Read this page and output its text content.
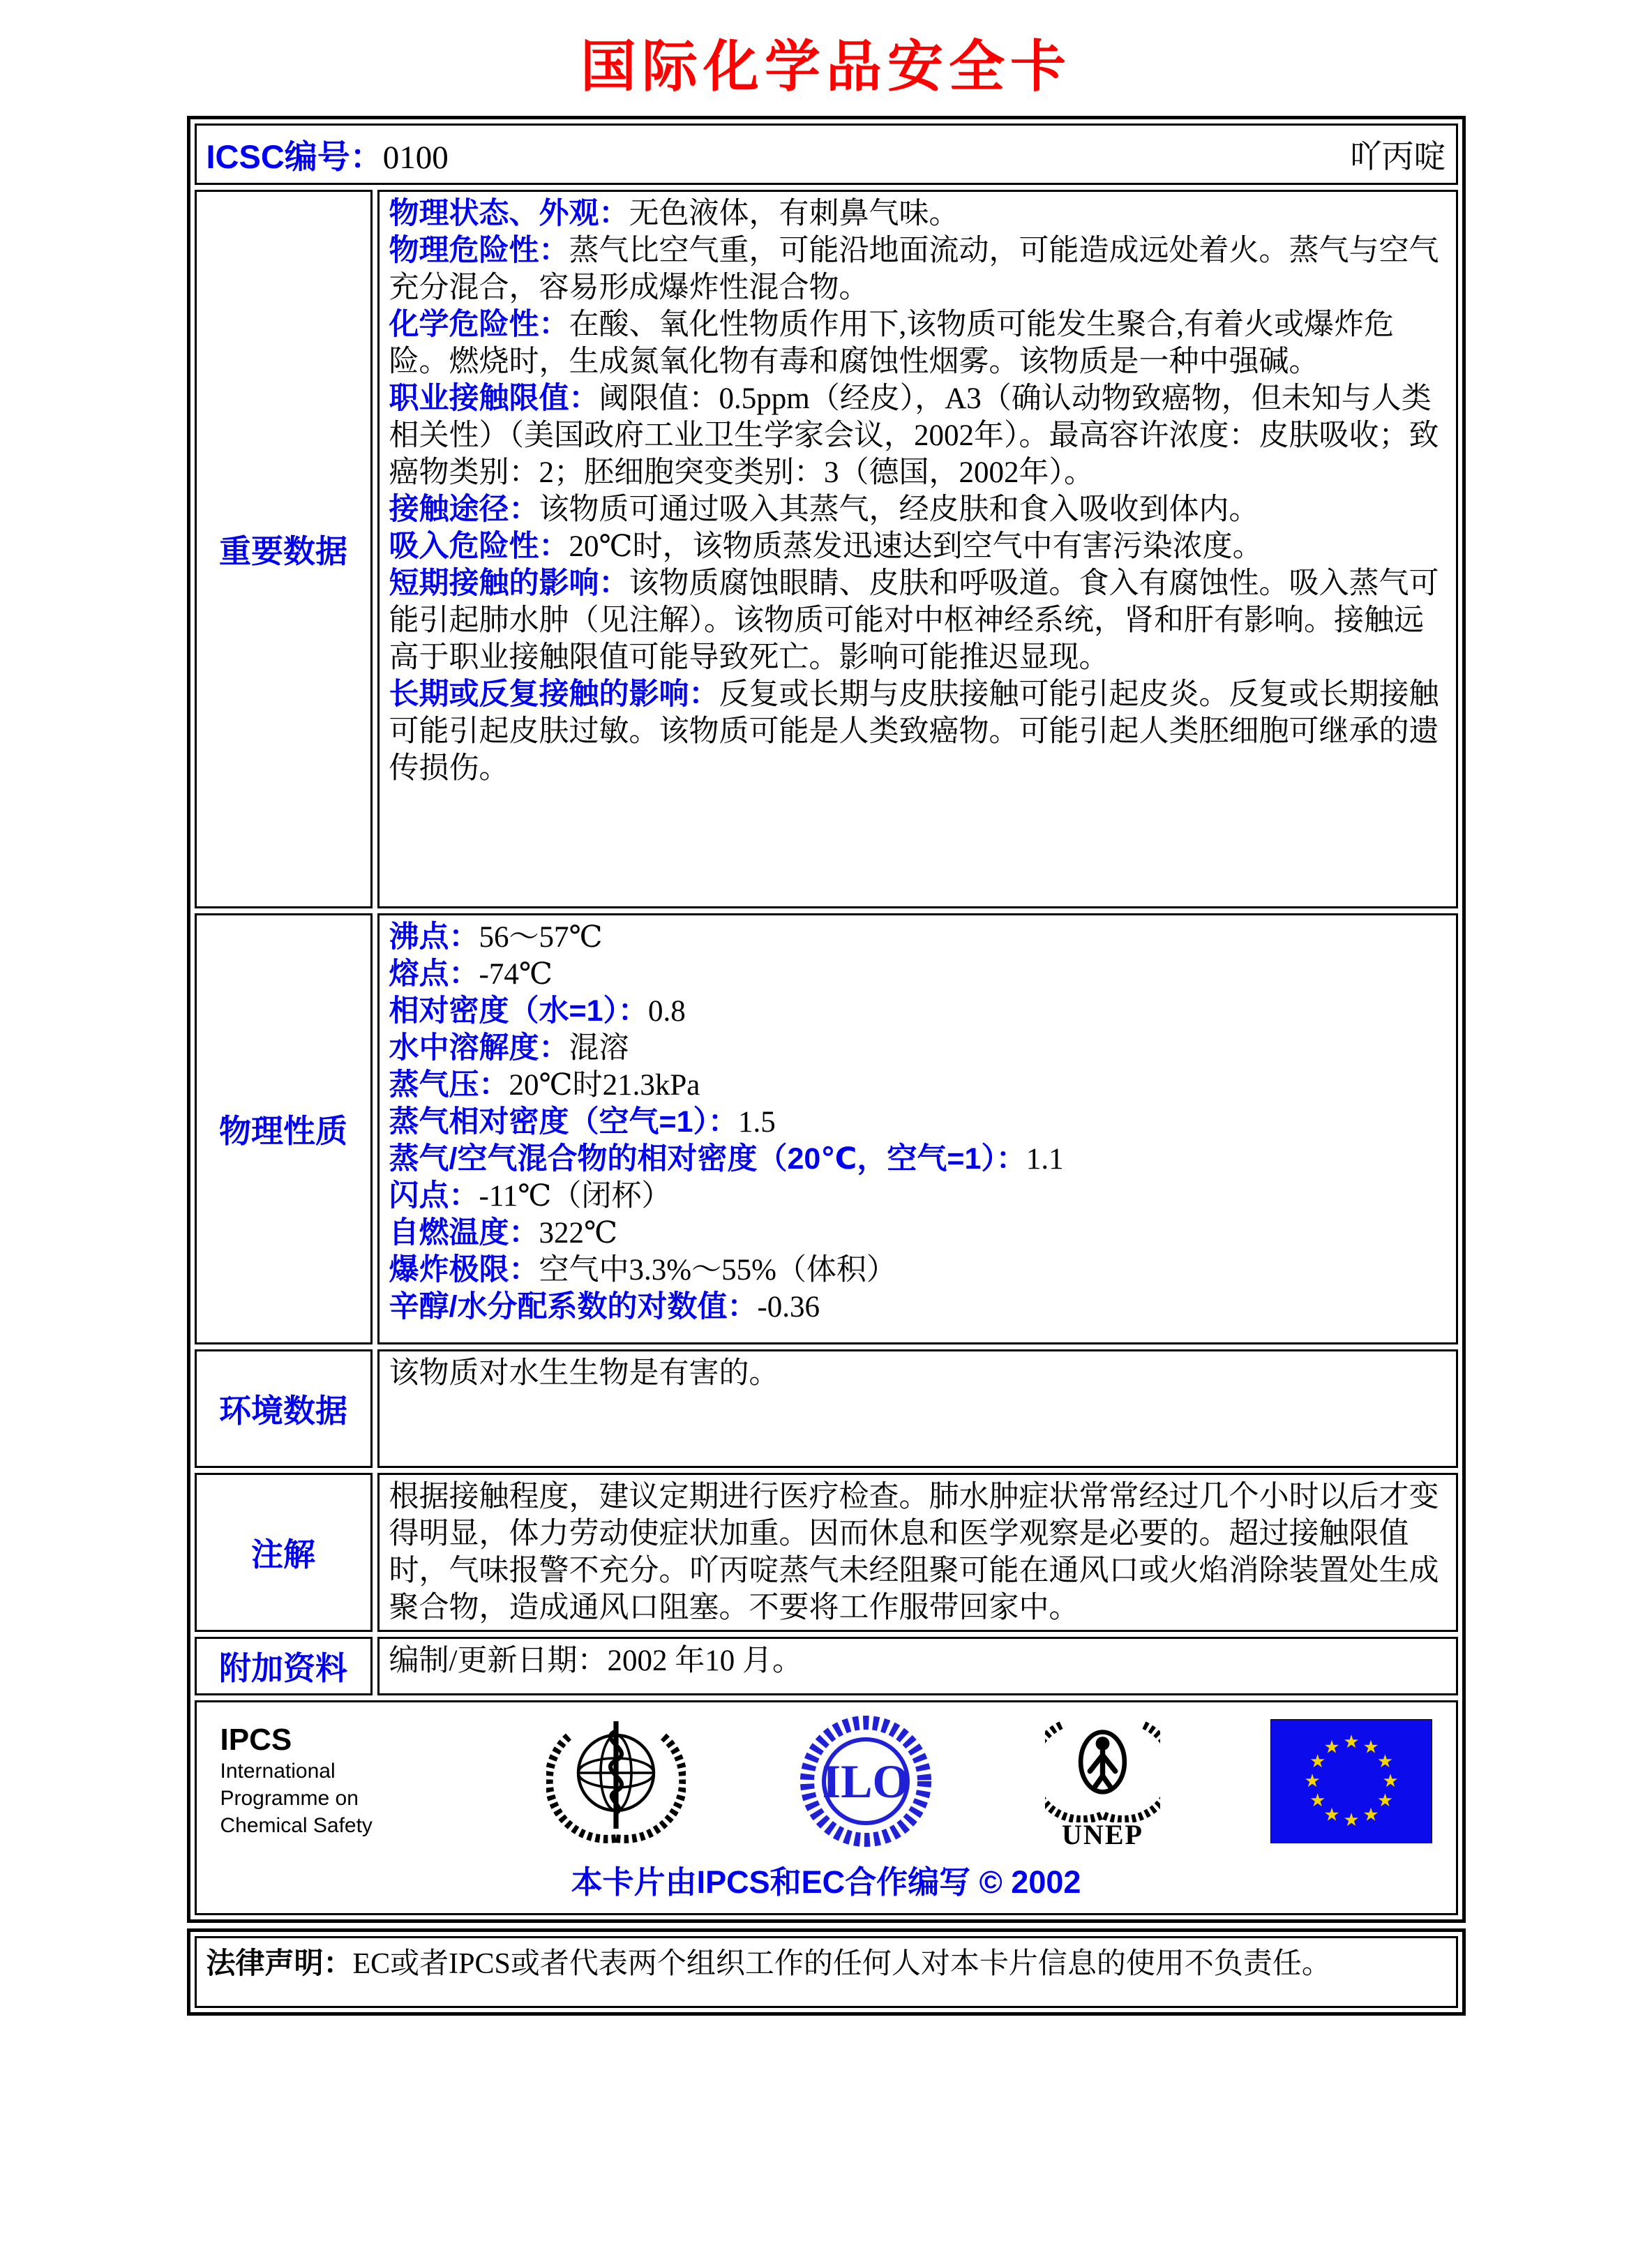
国际化学品安全卡
ICSC编号：0100	吖丙啶
重要数据

物理状态、外观：无色液体，有刺鼻气味。

物理危险性：蒸气比空气重，可能沿地面流动，可能造成远处着火。蒸气与空气充分混合，容易形成爆炸性混合物。

化学危险性：在酸、氧化性物质作用下,该物质可能发生聚合,有着火或爆炸危险。燃烧时，生成氮氧化物有毒和腐蚀性烟雾。该物质是一种中强碱。

职业接触限值：阈限值：0.5ppm（经皮），A3（确认动物致癌物，但未知与人类相关性）（美国政府工业卫生学家会议，2002年）。最高容许浓度：皮肤吸收；致癌物类别：2；胚细胞突变类别：3（德国，2002年）。

接触途径：该物质可通过吸入其蒸气，经皮肤和食入吸收到体内。

吸入危险性：20℃时，该物质蒸发迅速达到空气中有害污染浓度。

短期接触的影响：该物质腐蚀眼睛、皮肤和呼吸道。食入有腐蚀性。吸入蒸气可能引起肺水肿（见注解）。该物质可能对中枢神经系统，肾和肝有影响。接触远高于职业接触限值可能导致死亡。影响可能推迟显现。

长期或反复接触的影响：反复或长期与皮肤接触可能引起皮炎。反复或长期接触可能引起皮肤过敏。该物质可能是人类致癌物。可能引起人类胚细胞可继承的遗传损伤。

物理性质

沸点：56～57℃

熔点：-74℃

相对密度（水=1）：0.8

水中溶解度：混溶

蒸气压：20℃时21.3kPa

蒸气相对密度（空气=1）：1.5

蒸气/空气混合物的相对密度（20℃，空气=1）：1.1

闪点：-11℃（闭杯）

自燃温度：322℃

爆炸极限：空气中3.3%～55%（体积）

辛醇/水分配系数的对数值：-0.36

环境数据

该物质对水生生物是有害的。

注解

根据接触程度，建议定期进行医疗检查。肺水肿症状常常经过几个小时以后才变得明显，体力劳动使症状加重。因而休息和医学观察是必要的。超过接触限值时，气味报警不充分。吖丙啶蒸气未经阻聚可能在通风口或火焰消除装置处生成聚合物，造成通风口阻塞。不要将工作服带回家中。

附加资料 编制/更新日期：2002 年10 月。

IPCS
International
Programme on
Chemical Safety
ILO
UNEP
★ ★
★
★
★
★
★
★
★
★
★
★
本卡片由IPCS和EC合作编写 © 2002

法律声明：EC或者IPCS或者代表两个组织工作的任何人对本卡片信息的使用不负责任。
